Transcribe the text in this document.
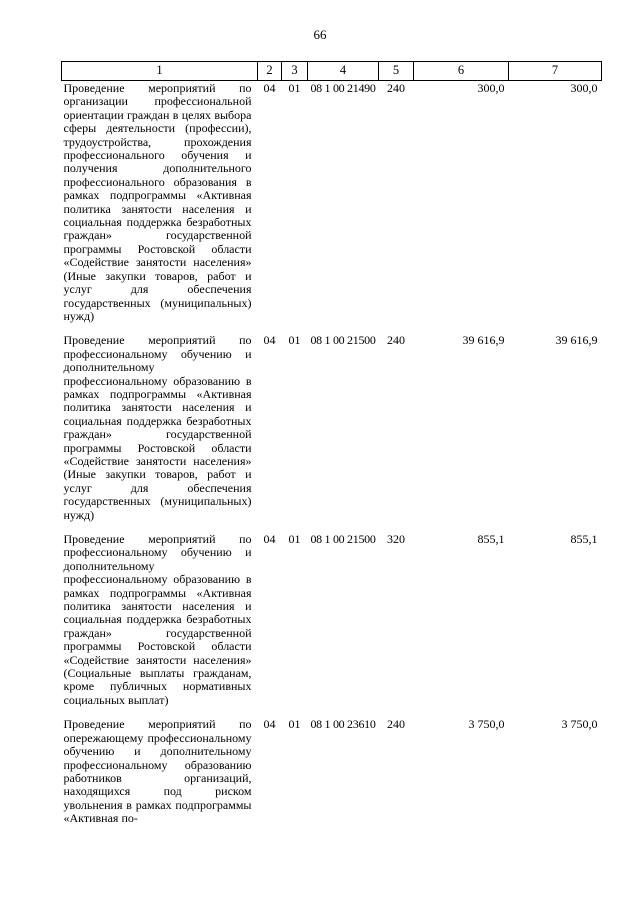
66
1	2	3	4	5	6	7
Проведение мероприятий по организации профессиональной ориентации граждан в целях выбора сферы деятельности (профессии), трудоустройства, прохождения профессионального обучения и получения дополнительного профессионального образования в рамках подпрограммы «Активная политика занятости населения и социальная поддержка безработных граждан» государственной программы Ростовской области «Содействие занятости населения» (Иные закупки товаров, работ и услуг для обеспечения государственных (муниципальных) нужд)	04	01	08 1 00 21490	240	300,0	300,0
Проведение мероприятий по профессиональному обучению и дополнительному профессиональному образованию в рамках подпрограммы «Активная политика занятости населения и социальная поддержка безработных граждан» государственной программы Ростовской области «Содействие занятости населения» (Иные закупки товаров, работ и услуг для обеспечения государственных (муниципальных) нужд)	04	01	08 1 00 21500	240	39 616,9	39 616,9
Проведение мероприятий по профессиональному обучению и дополнительному профессиональному образованию в рамках подпрограммы «Активная политика занятости населения и социальная поддержка безработных граждан» государственной программы Ростовской области «Содействие занятости населения» (Социальные выплаты гражданам, кроме публичных нормативных социальных выплат)	04	01	08 1 00 21500	320	855,1	855,1
Проведение мероприятий по опережающему профессиональному обучению и дополнительному профессиональному образованию работников организаций, находящихся под риском увольнения в рамках подпрограммы «Активная по-	04	01	08 1 00 23610	240	3 750,0	3 750,0
